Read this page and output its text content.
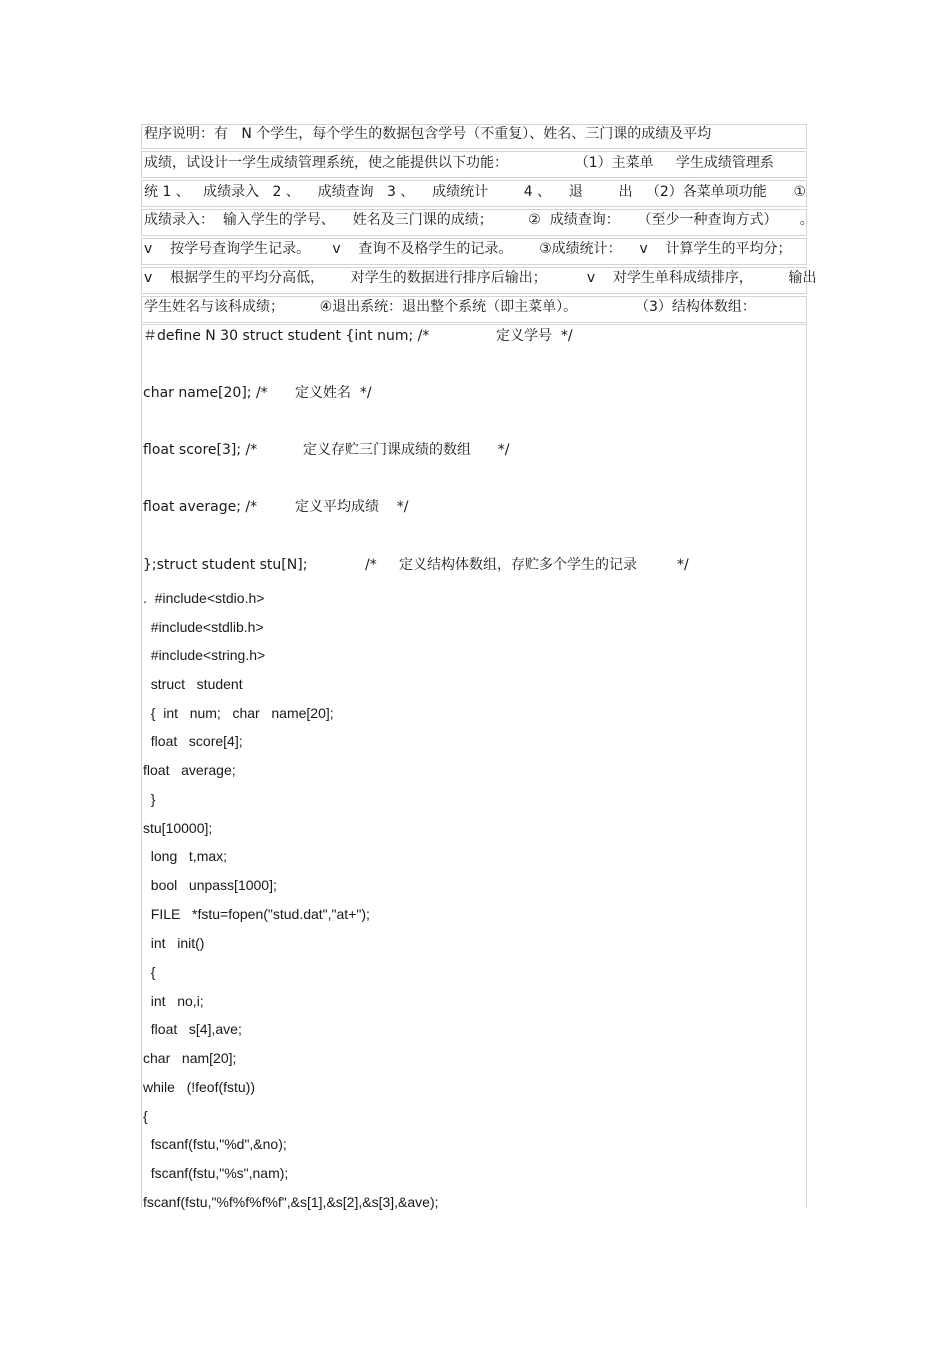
程序说明：有   N 个学生，每个学生的数据包含学号（不重复）、姓名、三门课的成绩及平均
成绩，试设计一学生成绩管理系统，使之能提供以下功能：               （1）主菜单     学生成绩管理系
统 1 、   成绩录入   2 、    成绩查询   3 、    成绩统计        4 、    退        出   （2）各菜单项功能      ①
成绩录入：  输入学生的学号、    姓名及三门课的成绩；        ②  成绩查询：    （至少一种查询方式）     。
v    按学号查询学生记录。     v    查询不及格学生的记录。      ③成绩统计：    v    计算学生的平均分；
v    根据学生的平均分高低，      对学生的数据进行排序后输出；         v    对学生单科成绩排序，        输出
学生姓名与该科成绩；        ④退出系统：退出整个系统（即主菜单）。             （3）结构体数组：
＃define N 30 struct student {int num; /*	定义学号  */
char name[20]; /* 定义姓名  */
float score[3]; /*	定义存贮三门课成绩的数组      */
float average; /*	定义平均成绩    */
};struct student stu[N];	/*     定义结构体数组，存贮多个学生的记录         */
.  #include<stdio.h>
#include<stdlib.h>
#include<string.h>
struct   student
{  int   num;   char   name[20];
float   score[4];
float   average;
}
stu[10000];
long   t,max;
bool   unpass[1000];
FILE   *fstu=fopen("stud.dat","at+");
int   init()
{
int   no,i;
float   s[4],ave;
char   nam[20];
while   (!feof(fstu))
{
fscanf(fstu,"%d",&no);
fscanf(fstu,"%s",nam);
fscanf(fstu,"%f%f%f%f",&s[1],&s[2],&s[3],&ave);
